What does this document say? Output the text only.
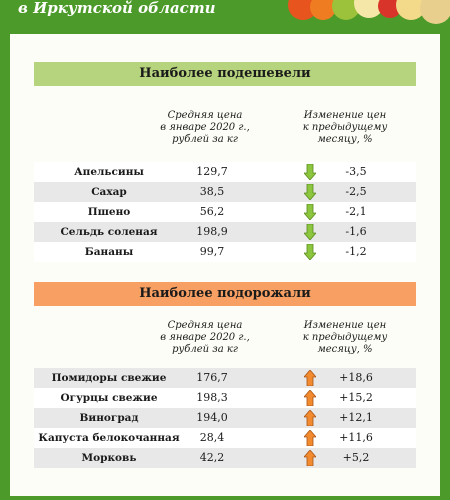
в Иркутской области
Наиболее подешевели
Средняя цена
в январе 2020 г.,
рублей за кг
Изменение цен
к предыдущему
месяцу, %
Апельсины	129,7	-3,5
Сахар	38,5	-2,5
Пшено	56,2	-2,1
Сельдь соленая	198,9	-1,6
Бананы	99,7	-1,2
Наиболее подорожали
Средняя цена
в январе 2020 г.,
рублей за кг
Изменение цен
к предыдущему
месяцу, %
Помидоры свежие	176,7	+18,6
Огурцы свежие	198,3	+15,2
Виноград	194,0	+12,1
Капуста белокочанная	28,4	+11,6
Морковь	42,2	+5,2
